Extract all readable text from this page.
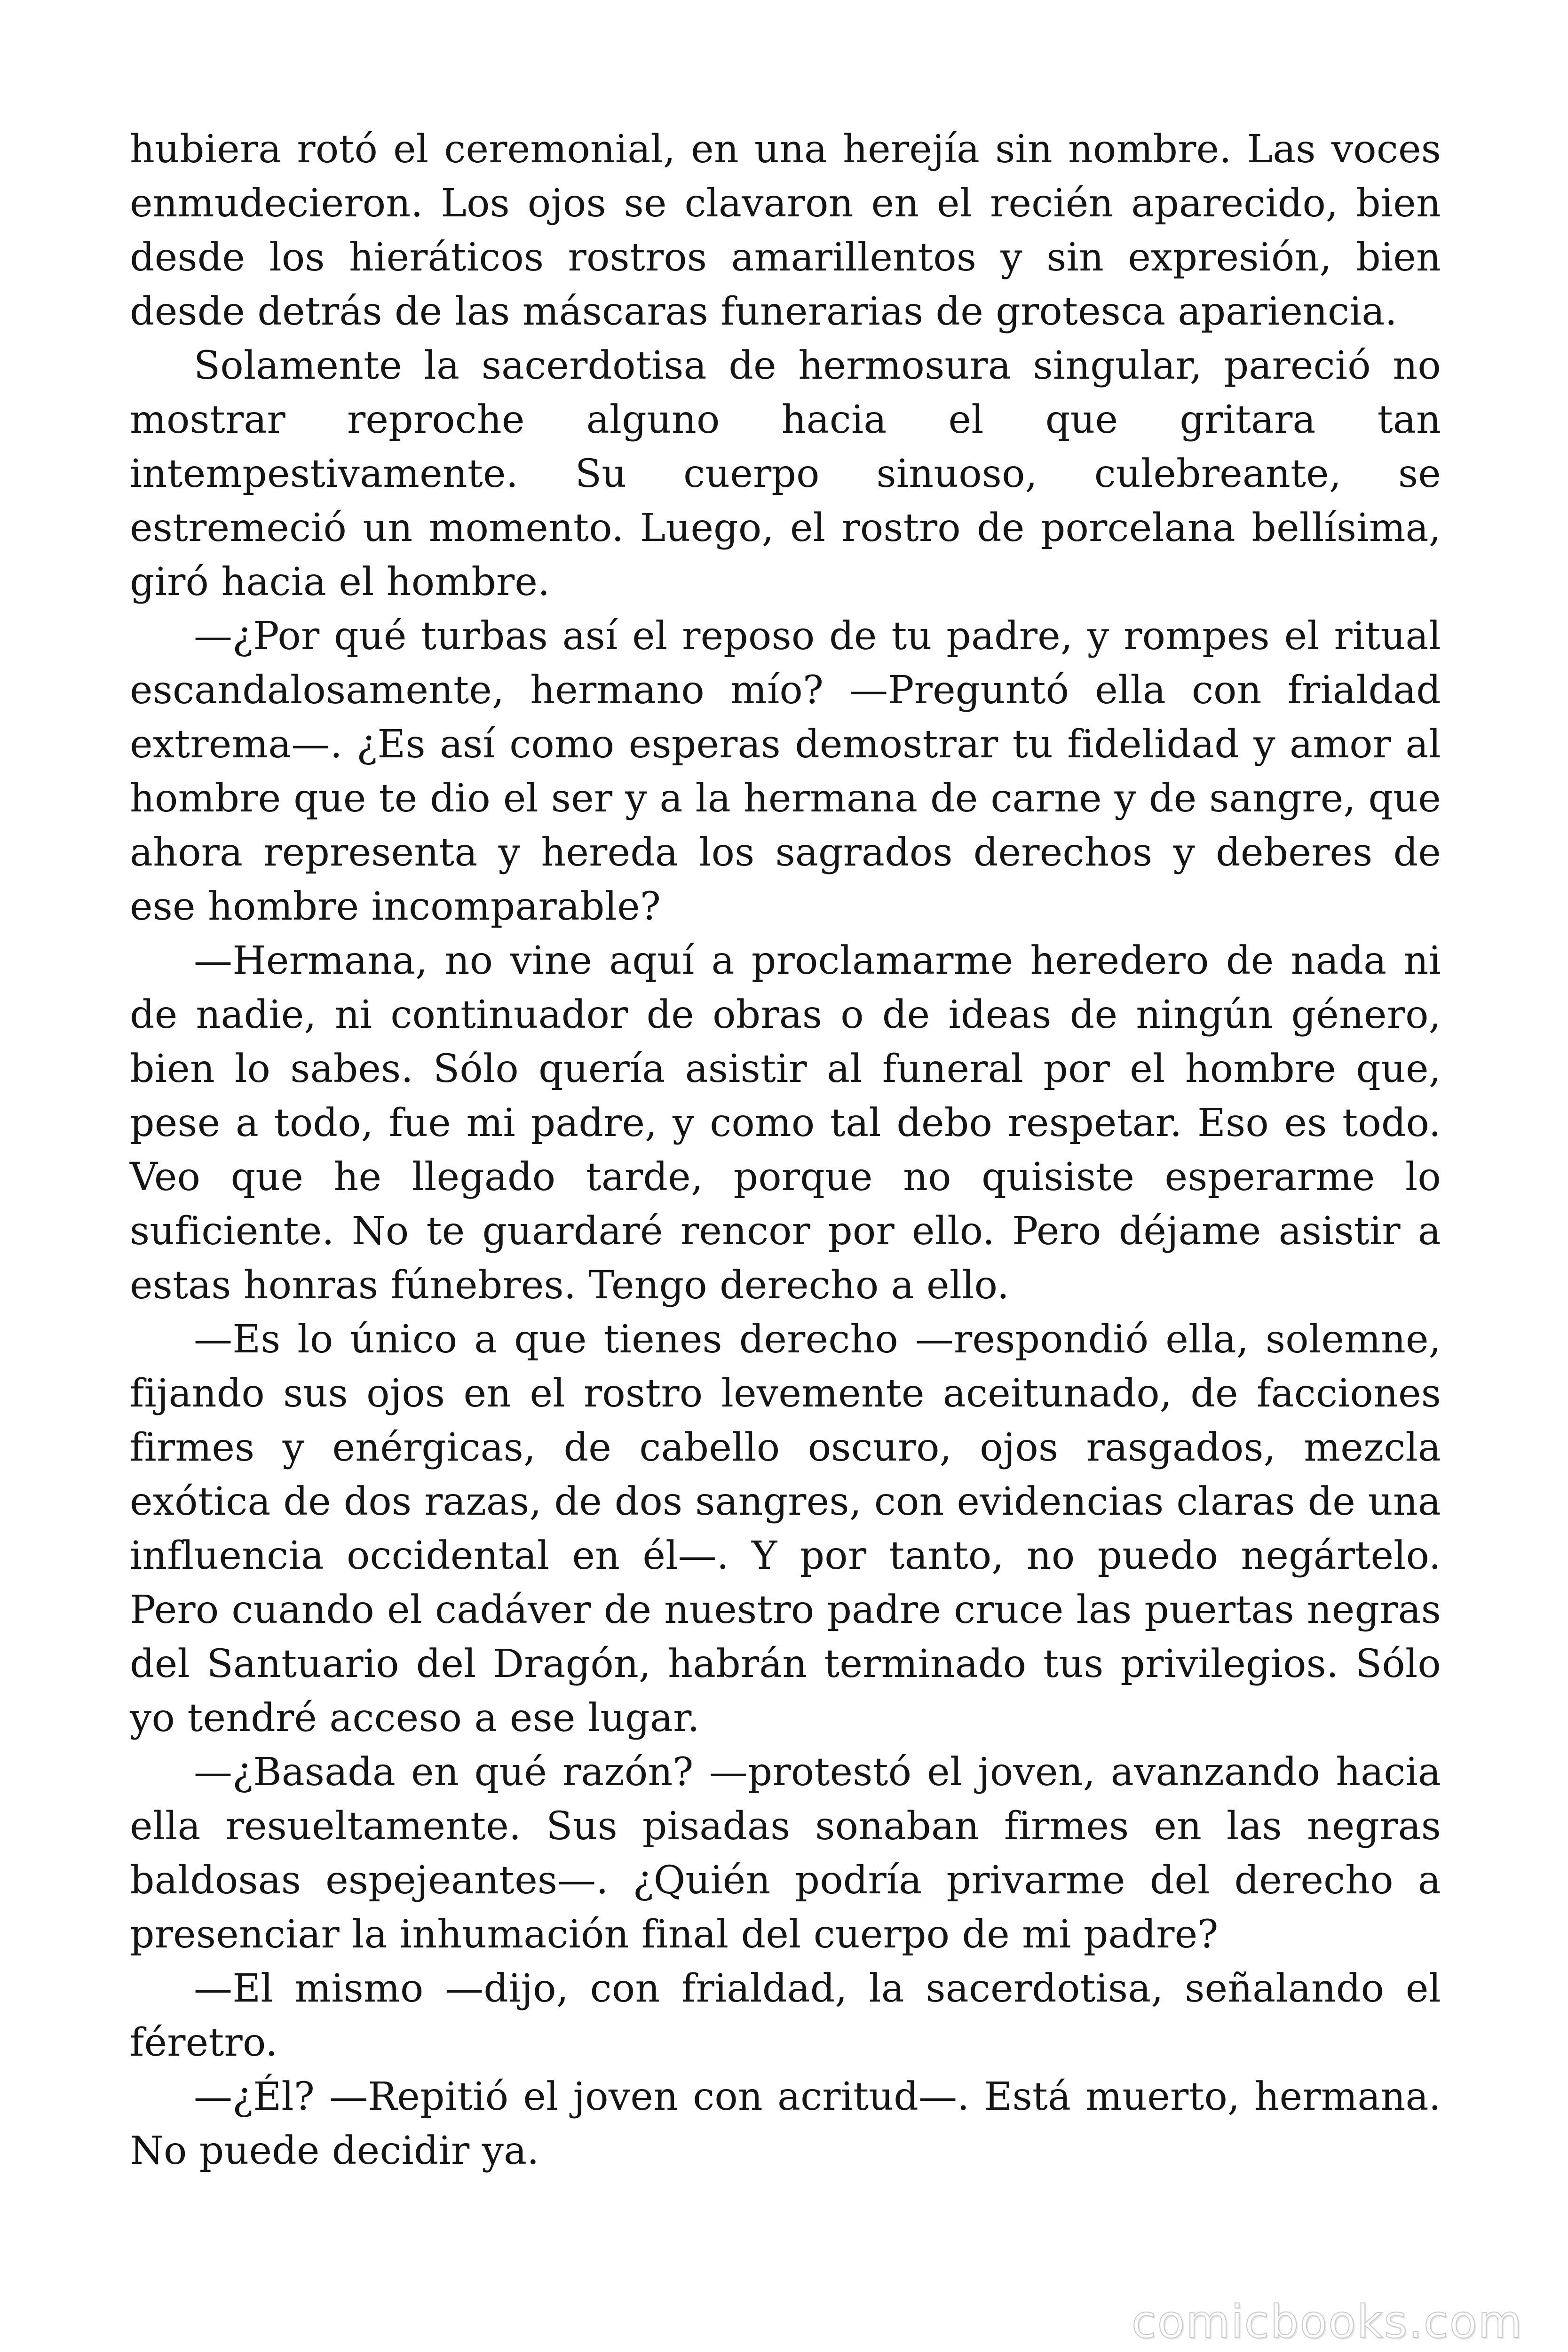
hubiera rotó el ceremonial, en una herejía sin nombre. Las voces enmudecieron. Los ojos se clavaron en el recién aparecido, bien desde los hieráticos rostros amarillentos y sin expresión, bien desde detrás de las máscaras funerarias de grotesca apariencia.

Solamente la sacerdotisa de hermosura singular, pareció no mostrar reproche alguno hacia el que gritara tan intempestivamente. Su cuerpo sinuoso, culebreante, se estremeció un momento. Luego, el rostro de porcelana bellísima, giró hacia el hombre.

—¿Por qué turbas así el reposo de tu padre, y rompes el ritual escandalosamente, hermano mío? —Preguntó ella con frialdad extrema—. ¿Es así como esperas demostrar tu fidelidad y amor al hombre que te dio el ser y a la hermana de carne y de sangre, que ahora representa y hereda los sagrados derechos y deberes de ese hombre incomparable?

—Hermana, no vine aquí a proclamarme heredero de nada ni de nadie, ni continuador de obras o de ideas de ningún género, bien lo sabes. Sólo quería asistir al funeral por el hombre que, pese a todo, fue mi padre, y como tal debo respetar. Eso es todo. Veo que he llegado tarde, porque no quisiste esperarme lo suficiente. No te guardaré rencor por ello. Pero déjame asistir a estas honras fúnebres. Tengo derecho a ello.

—Es lo único a que tienes derecho —respondió ella, solemne, fijando sus ojos en el rostro levemente aceitunado, de facciones firmes y enérgicas, de cabello oscuro, ojos rasgados, mezcla exótica de dos razas, de dos sangres, con evidencias claras de una influencia occidental en él—. Y por tanto, no puedo negártelo. Pero cuando el cadáver de nuestro padre cruce las puertas negras del Santuario del Dragón, habrán terminado tus privilegios. Sólo yo tendré acceso a ese lugar.

—¿Basada en qué razón? —protestó el joven, avanzando hacia ella resueltamente. Sus pisadas sonaban firmes en las negras baldosas espejeantes—. ¿Quién podría privarme del derecho a presenciar la inhumación final del cuerpo de mi padre?

—El mismo —dijo, con frialdad, la sacerdotisa, señalando el féretro.

—¿Él? —Repitió el joven con acritud—. Está muerto, hermana. No puede decidir ya.

comicbooks.com
